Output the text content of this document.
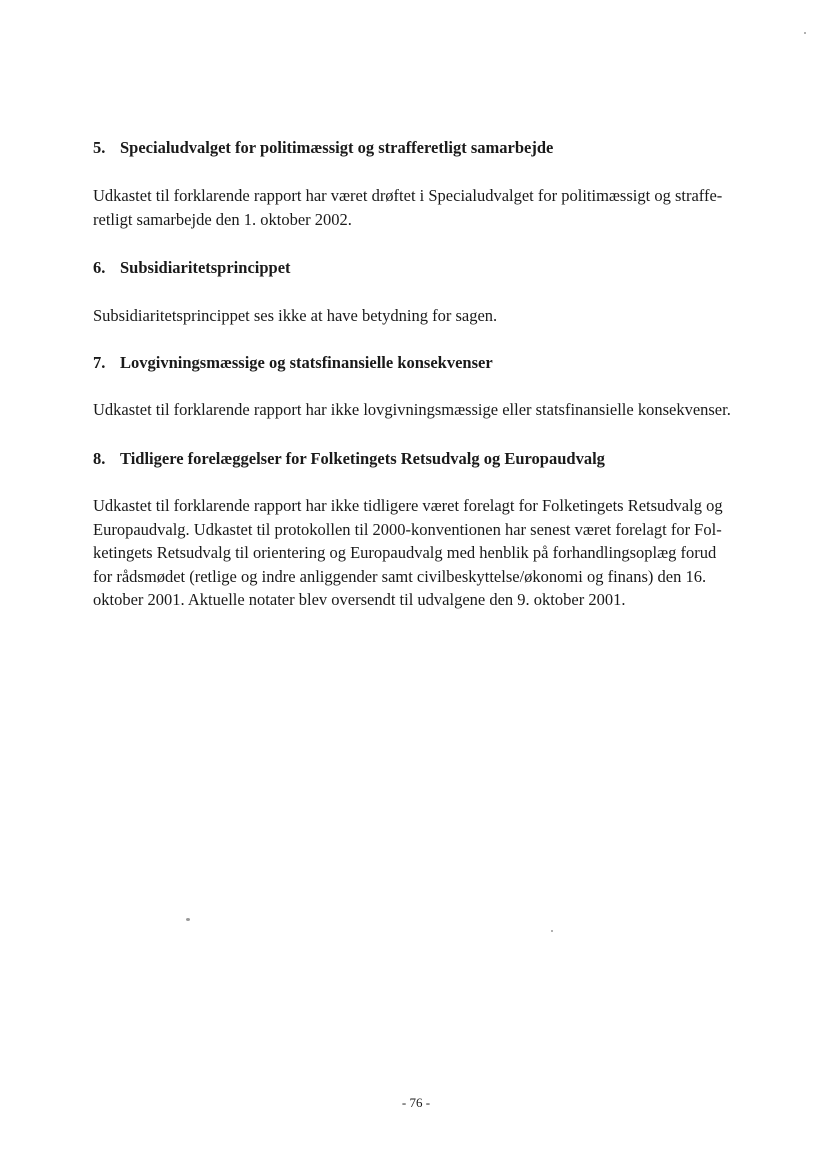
5. Specialudvalget for politimæssigt og strafferetligt samarbejde

Udkastet til forklarende rapport har været drøftet i Specialudvalget for politimæssigt og straffe-
retligt samarbejde den 1. oktober 2002.

6. Subsidiaritetsprincippet

Subsidiaritetsprincippet ses ikke at have betydning for sagen.

7. Lovgivningsmæssige og statsfinansielle konsekvenser

Udkastet til forklarende rapport har ikke lovgivningsmæssige eller statsfinansielle konsekvenser.

8. Tidligere forelæggelser for Folketingets Retsudvalg og Europaudvalg

Udkastet til forklarende rapport har ikke tidligere været forelagt for Folketingets Retsudvalg og
Europaudvalg. Udkastet til protokollen til 2000-konventionen har senest været forelagt for Fol-
ketingets Retsudvalg til orientering og Europaudvalg med henblik på forhandlingsoplæg forud
for rådsmødet (retlige og indre anliggender samt civilbeskyttelse/økonomi og finans) den 16.
oktober 2001. Aktuelle notater blev oversendt til udvalgene den 9. oktober 2001.

- 76 -
